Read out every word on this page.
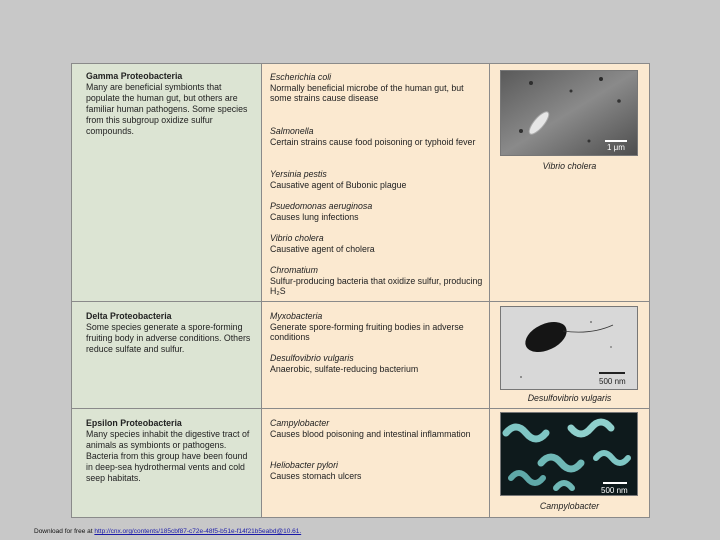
Gamma Proteobacteria
Many are beneficial symbionts that populate the human gut, but others are familiar human pathogens. Some species from this subgroup oxidize sulfur compounds.
Escherichia coli
Normally beneficial microbe of the human gut, but some strains cause disease
Salmonella
Certain strains cause food poisoning or typhoid fever
Yersinia pestis
Causative agent of Bubonic plague
Psuedomonas aeruginosa
Causes lung infections
Vibrio cholera
Causative agent of cholera
Chromatium
Sulfur-producing bacteria that oxidize sulfur, producing H₂S
1 μm
Vibrio cholera
Delta Proteobacteria
Some species generate a spore-forming fruiting body in adverse conditions. Others reduce sulfate and sulfur.
Myxobacteria
Generate spore-forming fruiting bodies in adverse conditions
Desulfovibrio vulgaris
Anaerobic, sulfate-reducing bacterium
500 nm
Desulfovibrio vulgaris
Epsilon Proteobacteria
Many species inhabit the digestive tract of animals as symbionts or pathogens. Bacteria from this group have been found in deep-sea hydrothermal vents and cold seep habitats.
Campylobacter
Causes blood poisoning and intestinal inflammation
Heliobacter pylori
Causes stomach ulcers
500 nm
Campylobacter
Download for free at http://cnx.org/contents/185cbf87-c72e-48f5-b51e-f14f21b5eabd@10.61.
